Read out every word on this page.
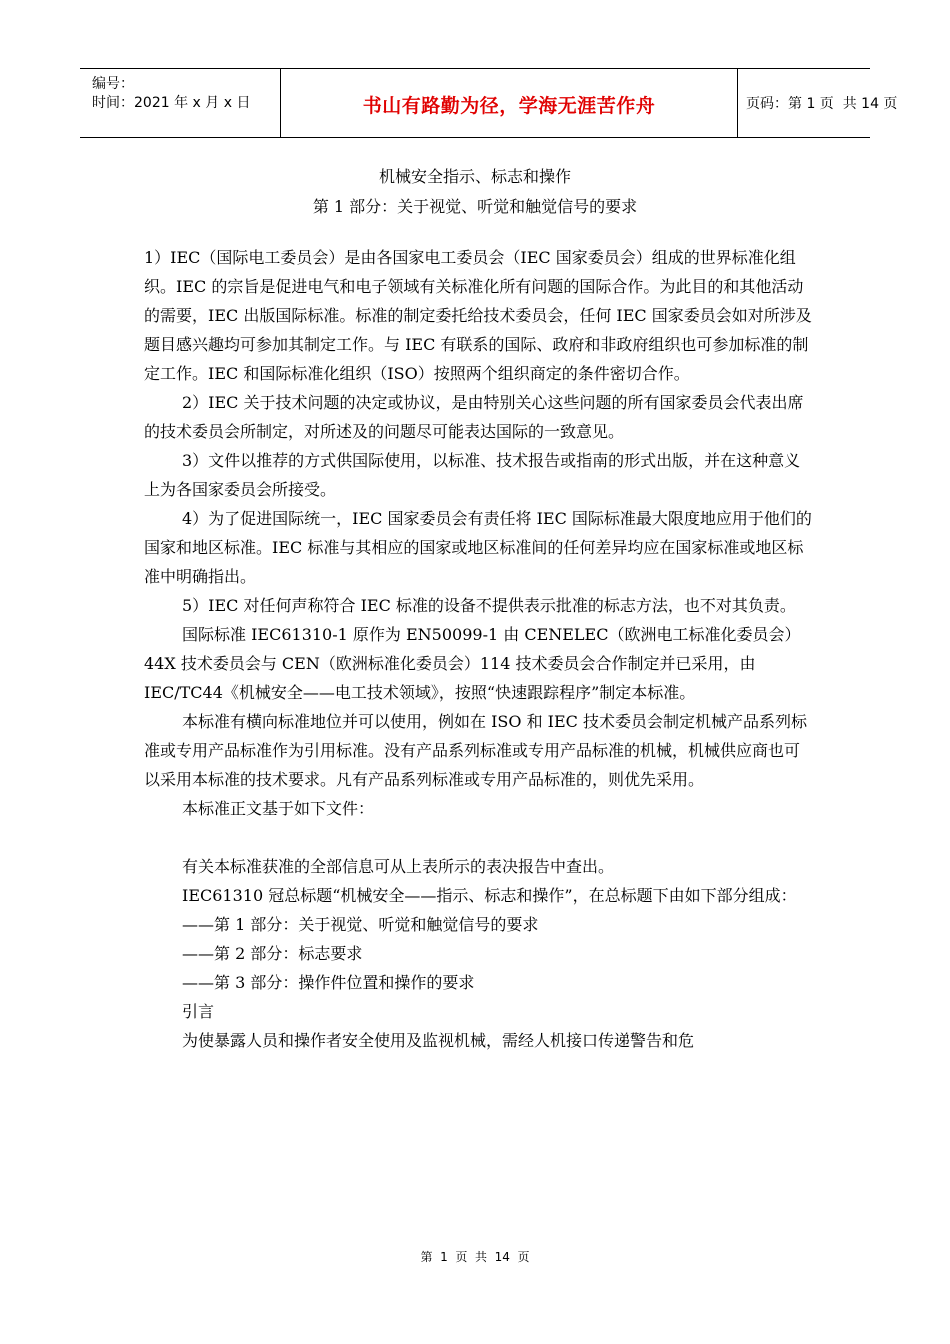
编号：
时间：2021 年 x 月 x 日	书山有路勤为径，学海无涯苦作舟	页码：第 1 页  共 14 页
机械安全指示、标志和操作
第 1 部分：关于视觉、听觉和触觉信号的要求

1）IEC（国际电工委员会）是由各国家电工委员会（IEC 国家委员会）组成的世界标准化组织。IEC 的宗旨是促进电气和电子领域有关标准化所有问题的国际合作。为此目的和其他活动的需要，IEC 出版国际标准。标准的制定委托给技术委员会，任何 IEC 国家委员会如对所涉及题目感兴趣均可参加其制定工作。与 IEC 有联系的国际、政府和非政府组织也可参加标准的制定工作。IEC 和国际标准化组织（ISO）按照两个组织商定的条件密切合作。

2）IEC 关于技术问题的决定或协议，是由特别关心这些问题的所有国家委员会代表出席的技术委员会所制定，对所述及的问题尽可能表达国际的一致意见。

3）文件以推荐的方式供国际使用，以标准、技术报告或指南的形式出版，并在这种意义上为各国家委员会所接受。

4）为了促进国际统一，IEC 国家委员会有责任将 IEC 国际标准最大限度地应用于他们的国家和地区标准。IEC 标准与其相应的国家或地区标准间的任何差异均应在国家标准或地区标准中明确指出。

5）IEC 对任何声称符合 IEC 标准的设备不提供表示批准的标志方法，也不对其负责。

国际标准 IEC61310-1 原作为 EN50099-1 由 CENELEC（欧洲电工标准化委员会）44X 技术委员会与 CEN（欧洲标准化委员会）114 技术委员会合作制定并已采用，由 IEC/TC44《机械安全——电工技术领域》，按照“快速跟踪程序”制定本标准。

本标准有横向标准地位并可以使用，例如在 ISO 和 IEC 技术委员会制定机械产品系列标准或专用产品标准作为引用标准。没有产品系列标准或专用产品标准的机械，机械供应商也可以采用本标准的技术要求。凡有产品系列标准或专用产品标准的，则优先采用。

本标准正文基于如下文件：

有关本标准获准的全部信息可从上表所示的表决报告中查出。

IEC61310 冠总标题“机械安全——指示、标志和操作”，在总标题下由如下部分组成：

——第 1 部分：关于视觉、听觉和触觉信号的要求

——第 2 部分：标志要求

——第 3 部分：操作件位置和操作的要求

引言

为使暴露人员和操作者安全使用及监视机械，需经人机接口传递警告和危

第  1  页  共  14  页
